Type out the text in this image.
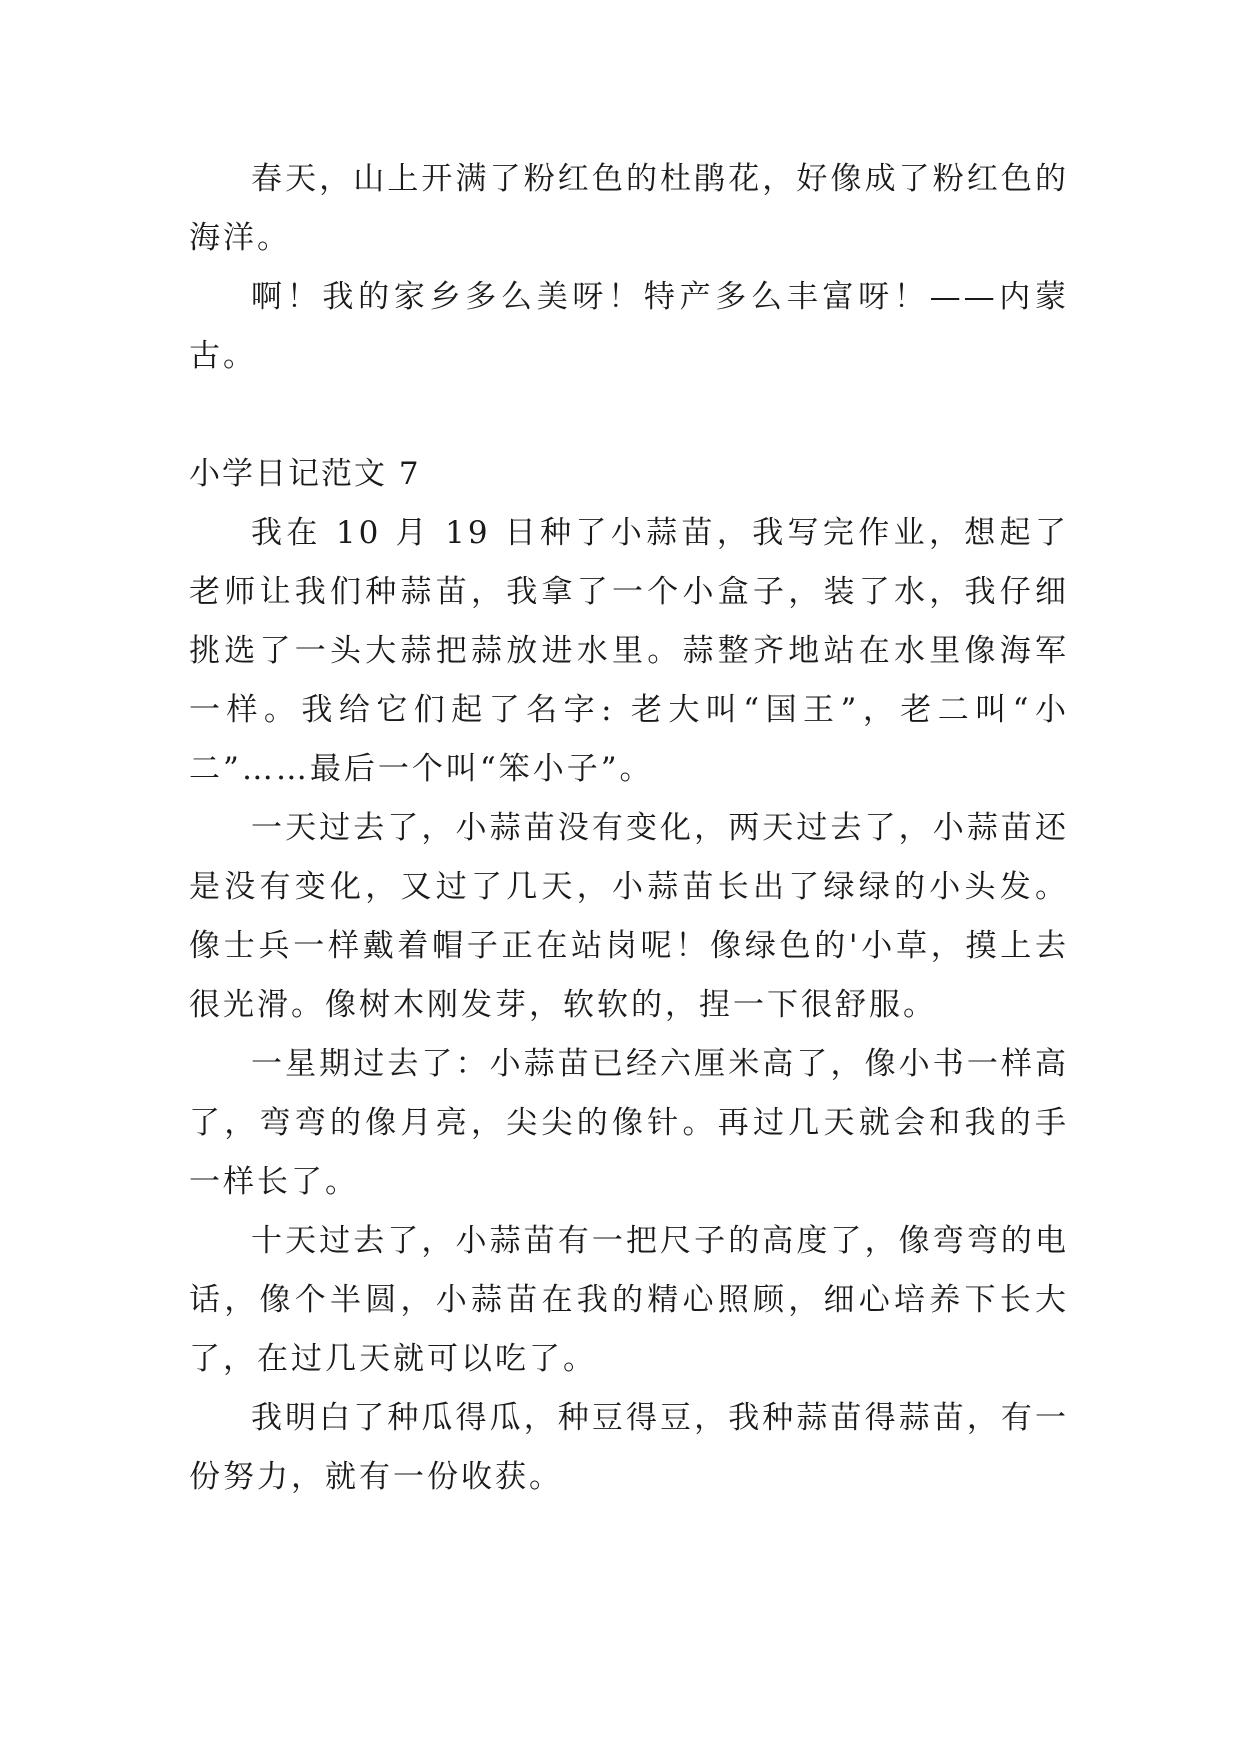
春天，山上开满了粉红色的杜鹃花，好像成了粉红色的海洋。

啊！我的家乡多么美呀！特产多么丰富呀！——内蒙古。

小学日记范文 7

我在 10 月 19 日种了小蒜苗，我写完作业，想起了老师让我们种蒜苗，我拿了一个小盒子，装了水，我仔细挑选了一头大蒜把蒜放进水里。蒜整齐地站在水里像海军一样。我给它们起了名字: 老大叫“国王”，老二叫“小二”……最后一个叫“笨小子”。

一天过去了，小蒜苗没有变化，两天过去了，小蒜苗还是没有变化，又过了几天，小蒜苗长出了绿绿的小头发。像士兵一样戴着帽子正在站岗呢！像绿色的'小草，摸上去很光滑。像树木刚发芽，软软的，捏一下很舒服。

一星期过去了：小蒜苗已经六厘米高了，像小书一样高了，弯弯的像月亮，尖尖的像针。再过几天就会和我的手一样长了。

十天过去了，小蒜苗有一把尺子的高度了，像弯弯的电话，像个半圆，小蒜苗在我的精心照顾，细心培养下长大了，在过几天就可以吃了。

我明白了种瓜得瓜，种豆得豆，我种蒜苗得蒜苗，有一份努力，就有一份收获。
